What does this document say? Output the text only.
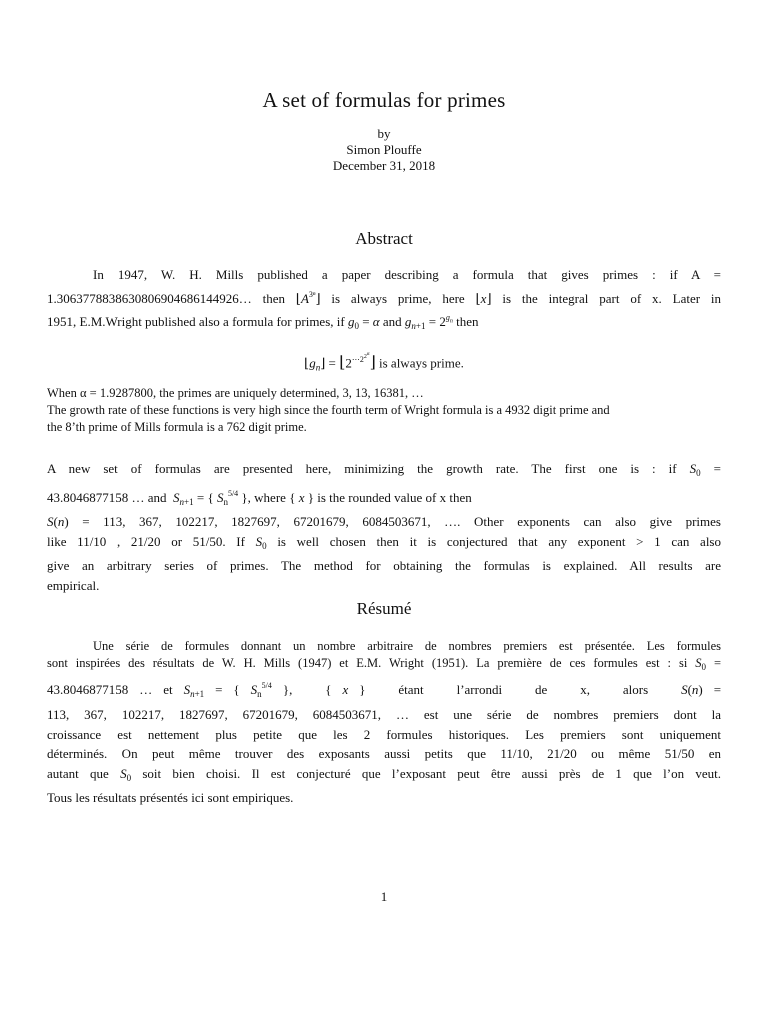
A set of formulas for primes
by
Simon Plouffe
December 31, 2018
Abstract
In 1947, W. H. Mills published a paper describing a formula that gives primes : if A =
1.3063778838630806904686144926… then $⌊A^{3^n}⌋$ is always prime, here ⌊x⌋ is the integral part of x. Later in
1951, E.M.Wright published also a formula for primes, if $g_0 = \alpha$ and $g_{n+1} = 2^{g_n}$ then
$⌊g_n⌋$ = $⌊2^{\cdots 2^{2^\alpha}}⌋$ is always prime.
When α = 1.9287800, the primes are uniquely determined, 3, 13, 16381, …
The growth rate of these functions is very high since the fourth term of Wright formula is a 4932 digit prime and
the 8’th prime of Mills formula is a 762 digit prime.
A new set of formulas are presented here, minimizing the growth rate. The first one is : if $S_0$ =
43.8046877158 … and $S_{n+1}$ = { $S_n^{5/4}$ }, where { x } is the rounded value of x then
S(n) = 113, 367, 102217, 1827697, 67201679, 6084503671, …. Other exponents can also give primes
like 11/10 , 21/20 or 51/50. If $S_0$ is well chosen then it is conjectured that any exponent > 1 can also
give an arbitrary series of primes. The method for obtaining the formulas is explained. All results are
empirical.
Résumé
Une série de formules donnant un nombre arbitraire de nombres premiers est présentée. Les formules
sont inspirées des résultats de W. H. Mills (1947) et E.M. Wright (1951). La première de ces formules est : si $S_0$ =
43.8046877158 … et $S_{n+1}$ = { $S_n^{5/4}$ },   { x }   étant	l’arrondi	de	x,	alors	S(n) =
113, 367, 102217, 1827697, 67201679, 6084503671, … est une série de nombres premiers dont la
croissance est nettement plus petite que les 2 formules historiques. Les premiers sont uniquement
déterminés. On peut même trouver des exposants aussi petits que 11/10, 21/20 ou même 51/50 en
autant que $S_0$ soit bien choisi. Il est conjecturé que l’exposant peut être aussi près de 1 que l’on veut.
Tous les résultats présentés ici sont empiriques.
1
